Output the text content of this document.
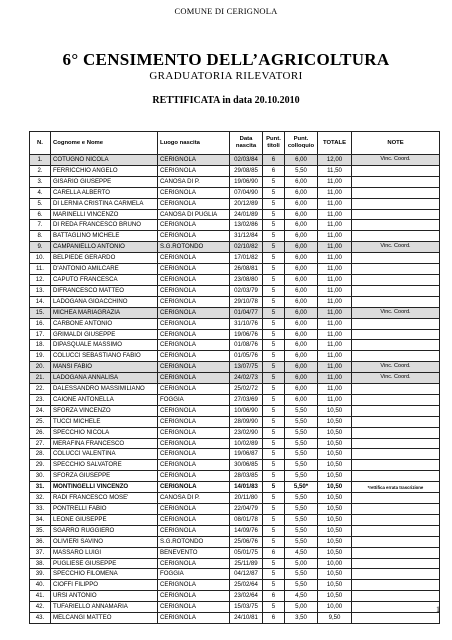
COMUNE DI CERIGNOLA
6° CENSIMENTO DELL’AGRICOLTURA
GRADUATORIA RILEVATORI
RETTIFICATA in data 20.10.2010
N.	Cognome e Nome	Luogo nascita	Data nascita	Punt. titoli	Punt. colloquio	TOTALE	NOTE
1.	COTUGNO NICOLA	CERIGNOLA	02/03/84	6	6,00	12,00	Vinc. Coord.
2.	FERRICCHIO ANGELO	CERIGNOLA	29/08/85	6	5,50	11,50	
3.	GISARIO GIUSEPPE	CANOSA DI P.	19/06/90	5	6,00	11,00	
4.	CARELLA ALBERTO	CERIGNOLA	07/04/90	5	6,00	11,00	
5.	DI LERNIA CRISTINA CARMELA	CERIGNOLA	20/12/89	5	6,00	11,00	
6.	MARINELLI VINCENZO	CANOSA DI PUGLIA	24/01/89	5	6,00	11,00	
7.	DI REDA FRANCESCO BRUNO	CERIGNOLA	13/02/86	5	6,00	11,00	
8.	BATTAGLINO MICHELE	CERIGNOLA	31/12/84	5	6,00	11,00	
9.	CAMPANIELLO ANTONIO	S.G.ROTONDO	02/10/82	5	6,00	11,00	Vinc. Coord.
10.	BELPIEDE GERARDO	CERIGNOLA	17/01/82	5	6,00	11,00	
11.	D'ANTONIO AMILCARE	CERIGNOLA	26/08/81	5	6,00	11,00	
12.	CAPUTO FRANCESCA	CERIGNOLA	23/08/80	5	6,00	11,00	
13.	DIFRANCESCO MATTEO	CERIGNOLA	02/03/79	5	6,00	11,00	
14.	LADOGANA GIOACCHINO	CERIGNOLA	29/10/78	5	6,00	11,00	
15.	MICHEA MARIAGRAZIA	CERIGNOLA	01/04/77	5	6,00	11,00	Vinc. Coord.
16.	CARBONE ANTONIO	CERIGNOLA	31/10/76	5	6,00	11,00	
17.	GRIMALDI GIUSEPPE	CERIGNOLA	19/06/76	5	6,00	11,00	
18.	DIPASQUALE MASSIMO	CERIGNOLA	01/08/76	5	6,00	11,00	
19.	COLUCCI SEBASTIANO FABIO	CERIGNOLA	01/05/76	5	6,00	11,00	
20.	MANSI FABIO	CERIGNOLA	13/07/75	5	6,00	11,00	Vinc. Coord.
21.	LADOGANA ANNALISA	CERIGNOLA	24/02/73	5	6,00	11,00	Vinc. Coord.
22.	DALESSANDRO MASSIMILIANO	CERIGNOLA	25/02/72	5	6,00	11,00	
23.	CAIONE ANTONELLA	FOGGIA	27/03/69	5	6,00	11,00	
24.	SFORZA VINCENZO	CERIGNOLA	10/06/90	5	5,50	10,50	
25.	TUCCI MICHELE	CERIGNOLA	28/09/90	5	5,50	10,50	
26.	SPECCHIO NICOLA	CERIGNOLA	23/02/90	5	5,50	10,50	
27.	MERAFINA FRANCESCO	CERIGNOLA	10/02/89	5	5,50	10,50	
28.	COLUCCI VALENTINA	CERIGNOLA	19/06/87	5	5,50	10,50	
29.	SPECCHIO SALVATORE	CERIGNOLA	30/06/85	5	5,50	10,50	
30.	SFORZA GIUSEPPE	CERIGNOLA	28/03/85	5	5,50	10,50	
31.	MONTINGELLI VINCENZO	CERIGNOLA	14/01/83	5	5,50*	10,50	*rettifica errata trascrizione
32.	RADI FRANCESCO MOSE'	CANOSA DI P.	20/11/80	5	5,50	10,50	
33.	PONTRELLI FABIO	CERIGNOLA	22/04/79	5	5,50	10,50	
34.	LEONE GIUSEPPE	CERIGNOLA	08/01/78	5	5,50	10,50	
35.	SGARRO RUGGIERO	CERIGNOLA	14/09/76	5	5,50	10,50	
36.	OLIVIERI SAVINO	S.G.ROTONDO	25/06/76	5	5,50	10,50	
37.	MASSARO LUIGI	BENEVENTO	05/01/75	6	4,50	10,50	
38.	PUGLIESE GIUSEPPE	CERIGNOLA	25/11/89	5	5,00	10,00	
39.	SPECCHIO FILOMENA	FOGGIA	04/12/87	5	5,50	10,50	
40.	CIOFFI FILIPPO	CERIGNOLA	25/02/64	5	5,50	10,50	
41.	URSI ANTONIO	CERIGNOLA	23/02/64	6	4,50	10,50	
42.	TUFARIELLO ANNAMARIA	CERIGNOLA	15/03/75	5	5,00	10,00	
43.	MELCANGI MATTEO	CERIGNOLA	24/10/81	6	3,50	9,50	
1
